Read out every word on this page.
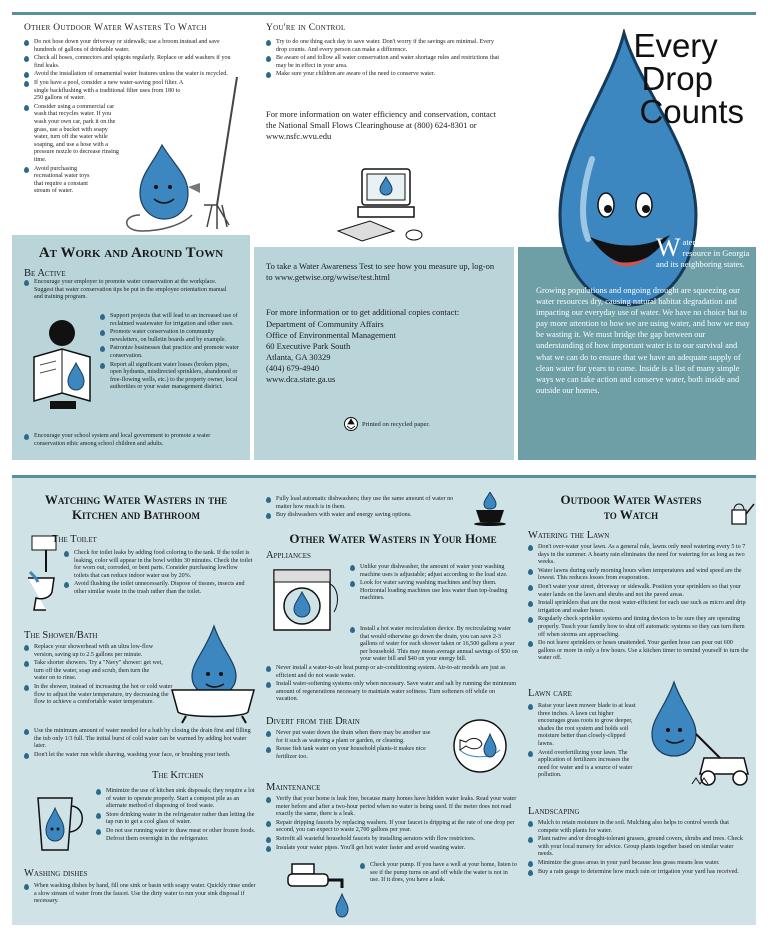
Other Outdoor Water Wasters To Watch
Do not hose down your driveway or sidewalk; use a broom instead and save hundreds of gallons of drinkable water.
Check all hoses, connectors and spigots regularly. Replace or add washers if you find leaks.
Avoid the installation of ornamental water features unless the water is recycled.
If you have a pool, consider a new water-saving pool filter. A single backflushing with a traditional filter uses from 180 to 250 gallons of water.
Consider using a commercial car wash that recycles water. If you wash your own car, park it on the grass, use a bucket with soapy water, turn off the water while soaping, and use a hose with a pressure nozzle to decrease rinsing time.
Avoid purchasing recreational water toys that require a constant stream of water.
At Work and Around Town
Be Active
Encourage your employer to promote water conservation at the workplace. Suggest that water conservation tips be put in the employee orientation manual and training program.
Support projects that will lead to an increased use of reclaimed wastewater for irrigation and other uses.
Promote water conservation in community newsletters, on bulletin boards and by example.
Patronize businesses that practice and promote water conservation.
Report all significant water losses (broken pipes, open hydrants, misdirected sprinklers, abandoned or free-flowing wells, etc.) to the property owner, local authorities or your water management district.
Encourage your school system and local government to promote a water conservation ethic among school children and adults.
You're in Control
Try to do one thing each day to save water. Don't worry if the savings are minimal. Every drop counts. And every person can make a difference.
Be aware of and follow all water conservation and water shortage rules and restrictions that may be in effect in your area.
Make sure your children are aware of the need to conserve water.

For more information on water efficiency and conservation, contact the National Small Flows Clearinghouse at (800) 624-8301 or www.nsfc.wvu.edu

To take a Water Awareness Test to see how you measure up, log-on to www.getwise.org/wwise/test.html

For more information or to get additional copies contact:

Department of Community Affairs
Office of Environmental Management
60 Executive Park South
Atlanta, GA 30329
(404) 679-4940
www.dca.state.ga.us
Printed on recycled paper.
Every
Drop
Counts
Water is a precious resource in Georgia and its neighboring states.

Growing populations and ongoing drought are squeezing our water resources dry, causing natural habitat degradation and impacting our everyday use of water. We have no choice but to pay more attention to how we are using water, and how we may be wasting it. We must bridge the gap between our understanding of how important water is to our survival and what we can do to ensure that we have an adequate supply of clean water for years to come. Inside is a list of many simple ways we can take action and conserve water, both inside and outside our homes.

Watching Water Wasters in the
Kitchen and Bathroom
The Toilet
Check for toilet leaks by adding food coloring to the tank. If the toilet is leaking, color will appear in the bowl within 30 minutes. Check the toilet for worn out, corroded, or bent parts. Consider purchasing lowflow toilets that can reduce indoor water use by 20%.
Avoid flushing the toilet unnecessarily. Dispose of tissues, insects and other similar waste in the trash rather than the toilet.
The Shower/Bath
Replace your showerhead with an ultra low-flow version, saving up to 2.5 gallons per minute.
Take shorter showers. Try a "Navy" shower: get wet, turn off the water, soap and scrub, then turn the water on to rinse.
In the shower, instead of increasing the hot or cold water flow to adjust the water temperature, try decreasing the flow to achieve a comfortable water temperature.
Use the minimum amount of water needed for a bath by closing the drain first and filling the tub only 1/3 full. The initial burst of cold water can be warmed by adding hot water later.
Don't let the water run while shaving, washing your face, or brushing your teeth.
The Kitchen
Minimize the use of kitchen sink disposals; they require a lot of water to operate properly. Start a compost pile as an alternate method of disposing of food waste.
Store drinking water in the refrigerator rather than letting the tap run to get a cool glass of water.
Do not use running water to thaw meat or other frozen foods. Defrost them overnight in the refrigerator.
Washing dishes
When washing dishes by hand, fill one sink or basin with soapy water. Quickly rinse under a slow stream of water from the faucet. Use the dirty water to run your sink disposal if necessary.
Fully load automatic dishwashers; they use the same amount of water no matter how much is in them.
Buy dishwashers with water and energy saving options.
Other Water Wasters in Your Home
Appliances
Unlike your dishwasher, the amount of water your washing machine uses is adjustable; adjust according to the load size.
Look for water saving washing machines and buy them. Horizontal loading machines use less water than top-loading machines.
Install a hot water recirculation device. By recirculating water that would otherwise go down the drain, you can save 2-3 gallons of water for each shower taken or 16,500 gallons a year per household. This may mean average annual savings of $50 on your water bill and $40 on your energy bill.
Never install a water-to-air heat pump or air-conditioning system. Air-to-air models are just as efficient and do not waste water.
Install water-softening systems only when necessary. Save water and salt by running the minimum amount of regenerations necessary to maintain water softness. Turn softeners off while on vacation.
Divert from the Drain
Never put water down the drain when there may be another use for it such as watering a plant or garden, or cleaning.
Reuse fish tank water on your household plants-it makes nice fertilizer too.
Maintenance
Verify that your home is leak free, because many homes have hidden water leaks. Read your water meter before and after a two-hour period when no water is being used. If the meter does not read exactly the same, there is a leak.
Repair dripping faucets by replacing washers. If your faucet is dripping at the rate of one drop per second, you can expect to waste 2,700 gallons per year.
Retrofit all wasteful household faucets by installing aerators with flow restrictors.
Insulate your water pipes. You'll get hot water faster and avoid wasting water.
Check your pump. If you have a well at your home, listen to see if the pump turns on and off while the water is not in use. If it does, you have a leak.
Outdoor Water Wasters
to Watch
Watering the Lawn
Don't over-water your lawn. As a general rule, lawns only need watering every 5 to 7 days in the summer. A hearty rain eliminates the need for watering for as long as two weeks.
Water lawns during early morning hours when temperatures and wind speed are the lowest. This reduces losses from evaporation.
Don't water your street, driveway or sidewalk. Position your sprinklers so that your water lands on the lawn and shrubs and not the paved areas.
Install sprinklers that are the most water-efficient for each use such as micro and drip irrigation and soaker hoses.
Regularly check sprinkler systems and timing devices to be sure they are operating properly. Teach your family how to shut off automatic systems so they can turn them off when storms are approaching.
Do not leave sprinklers or hoses unattended. Your garden hose can pour out 600 gallons or more in only a few hours. Use a kitchen timer to remind yourself to turn the water off.
Lawn care
Raise your lawn mower blade to at least three inches. A lawn cut higher encourages grass roots to grow deeper, shades the root system and holds soil moisture better than closely-clipped lawns.
Avoid overfertilizing your lawn. The application of fertilizers increases the need for water and is a source of water pollution.
Landscaping
Mulch to retain moisture in the soil. Mulching also helps to control weeds that compete with plants for water.
Plant native and/or drought-tolerant grasses, ground covers, shrubs and trees. Check with your local nursery for advice. Group plants together based on similar water needs.
Minimize the grass areas in your yard because less grass means less water.
Buy a rain gauge to determine how much rain or irrigation your yard has received.
